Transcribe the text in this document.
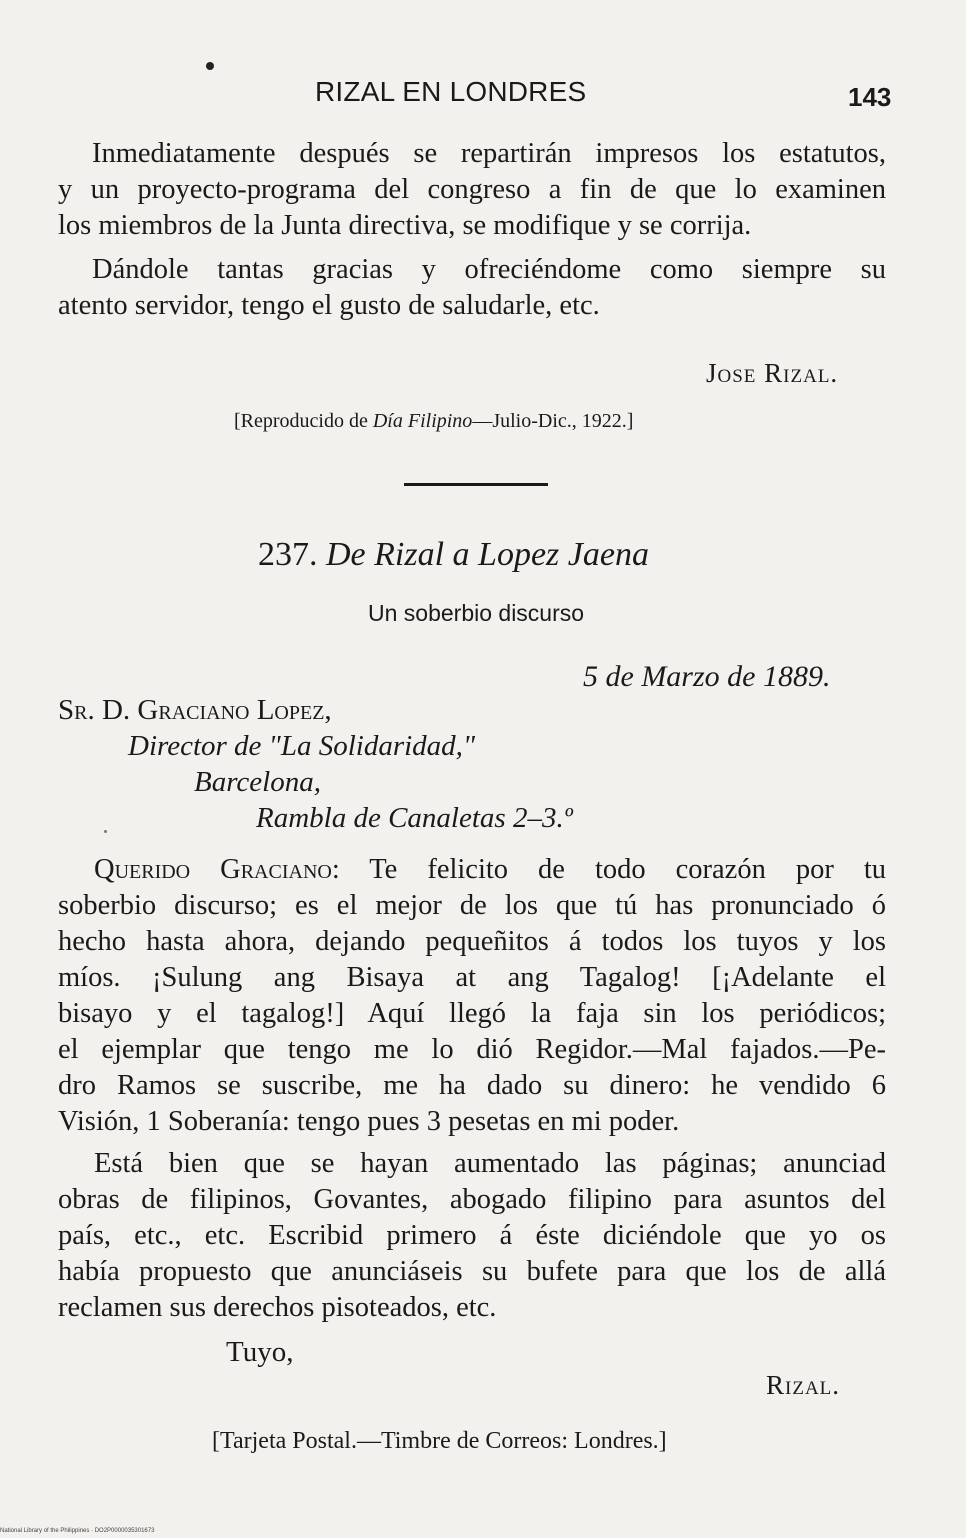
RIZAL EN LONDRES	143
Inmediatamente después se repartirán impresos los estatutos,
y un proyecto-programa del congreso a fin de que lo examinen
los miembros de la Junta directiva, se modifique y se corrija.
Dándole tantas gracias y ofreciéndome como siempre su
atento servidor, tengo el gusto de saludarle, etc.
Jose Rizal.
[Reproducido de Día Filipino—Julio-Dic., 1922.]
237. De Rizal a Lopez Jaena
Un soberbio discurso
5 de Marzo de 1889.
Sr. D. Graciano Lopez,
Director de "La Solidaridad,"
Barcelona,
Rambla de Canaletas 2–3.º
Querido Graciano: Te felicito de todo corazón por tu
soberbio discurso; es el mejor de los que tú has pronunciado ó
hecho hasta ahora, dejando pequeñitos á todos los tuyos y los
míos. ¡Sulung ang Bisaya at ang Tagalog! [¡Adelante el
bisayo y el tagalog!] Aquí llegó la faja sin los periódicos;
el ejemplar que tengo me lo dió Regidor.—Mal fajados.—Pe-
dro Ramos se suscribe, me ha dado su dinero: he vendido 6
Visión, 1 Soberanía: tengo pues 3 pesetas en mi poder.
Está bien que se hayan aumentado las páginas; anunciad
obras de filipinos, Govantes, abogado filipino para asuntos del
país, etc., etc. Escribid primero á éste diciéndole que yo os
había propuesto que anunciáseis su bufete para que los de allá
reclamen sus derechos pisoteados, etc.
Tuyo,
Rizal.
[Tarjeta Postal.—Timbre de Correos: Londres.]
National Library of the Philippines · DO2P0000035301673
